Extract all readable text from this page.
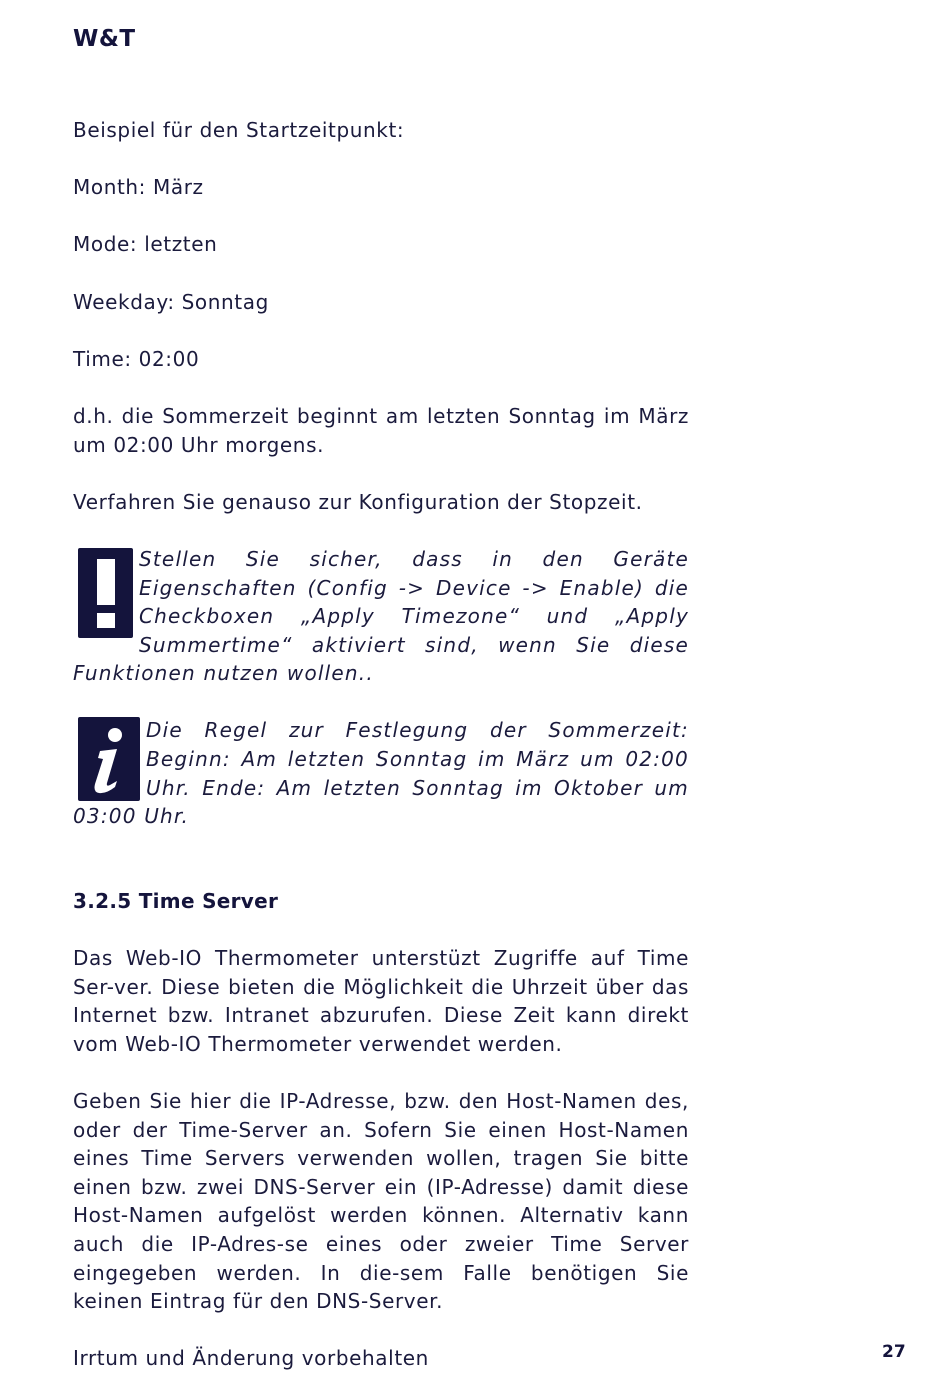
W&T

Beispiel für den Startzeitpunkt:

Month: März

Mode: letzten

Weekday: Sonntag

Time: 02:00

d.h. die Sommerzeit beginnt am letzten Sonntag im März um 02:00 Uhr morgens.

Verfahren Sie genauso zur Konfiguration der Stopzeit.

Stellen Sie sicher, dass in den Geräte Eigenschaften (Config -> Device -> Enable) die Checkboxen „Apply Timezone“ und „Apply Summertime“ aktiviert sind, wenn Sie diese Funktionen nutzen wollen..
Die Regel zur Festlegung der Sommerzeit: Beginn: Am letzten Sonntag im März um 02:00 Uhr. Ende: Am letzten Sonntag im Oktober um 03:00 Uhr.

3.2.5 Time Server

Das Web-IO Thermometer unterstüzt Zugriffe auf Time Ser-ver. Diese bieten die Möglichkeit die Uhrzeit über das Internet bzw. Intranet abzurufen. Diese Zeit kann direkt vom Web-IO Thermometer verwendet werden.

Geben Sie hier die IP-Adresse, bzw. den Host-Namen des, oder der Time-Server an. Sofern Sie einen Host-Namen eines Time Servers verwenden wollen, tragen Sie bitte einen bzw. zwei DNS-Server ein (IP-Adresse) damit diese Host-Namen aufgelöst werden können. Alternativ kann auch die IP-Adres-se eines oder zweier Time Server eingegeben werden. In die-sem Falle benötigen Sie keinen Eintrag für den DNS-Server.

Irrtum und Änderung vorbehalten	27
